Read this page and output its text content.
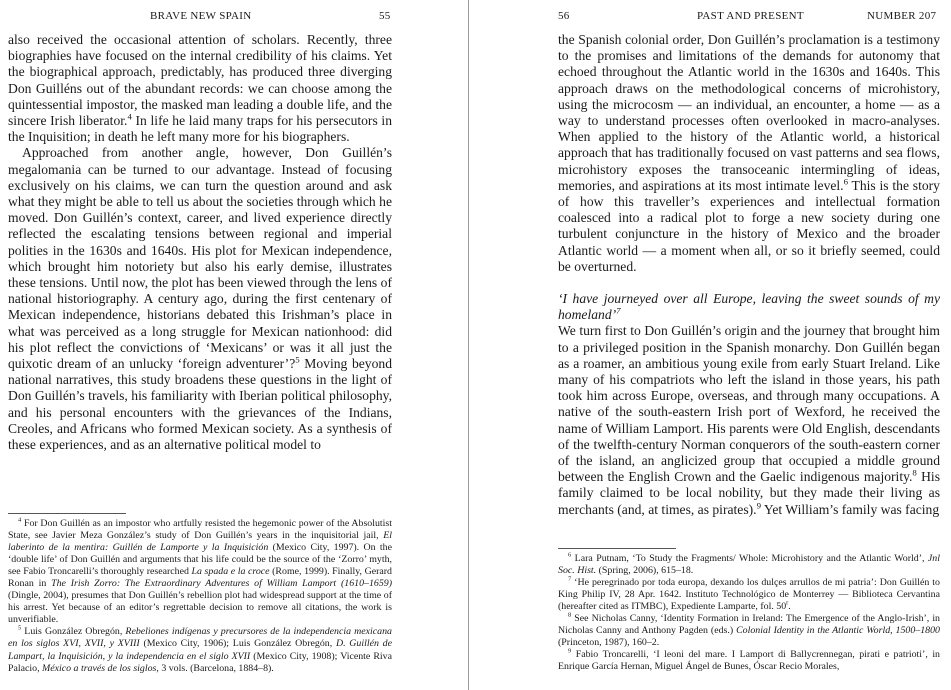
BRAVE NEW SPAIN	55

also received the occasional attention of scholars. Recently, three biographies have focused on the internal credibility of his claims. Yet the biographical approach, predictably, has produced three diverging Don Guilléns out of the abundant records: we can choose among the quintessential impostor, the masked man leading a double life, and the sincere Irish liberator.$^4$ In life he laid many traps for his persecutors in the Inquisition; in death he left many more for his biographers.

Approached from another angle, however, Don Guillén’s megalomania can be turned to our advantage. Instead of focusing exclusively on his claims, we can turn the question around and ask what they might be able to tell us about the societies through which he moved. Don Guillén’s context, career, and lived experience directly reflected the escalating tensions between regional and imperial polities in the 1630s and 1640s. His plot for Mexican independence, which brought him notoriety but also his early demise, illustrates these tensions. Until now, the plot has been viewed through the lens of national historiography. A century ago, during the first centenary of Mexican independence, historians debated this Irishman’s place in what was perceived as a long struggle for Mexican nationhood: did his plot reflect the convictions of ‘Mexicans’ or was it all just the quixotic dream of an unlucky ‘foreign adventurer’?$^5$ Moving beyond national narratives, this study broadens these questions in the light of Don Guillén’s travels, his familiarity with Iberian political philosophy, and his personal encounters with the grievances of the Indians, Creoles, and Africans who formed Mexican society. As a synthesis of these experiences, and as an alternative political model to

$^4$ For Don Guillén as an impostor who artfully resisted the hegemonic power of the Absolutist State, see Javier Meza González’s study of Don Guillén’s years in the inquisitorial jail, El laberinto de la mentira: Guillén de Lamporte y la Inquisición (Mexico City, 1997). On the ‘double life’ of Don Guillén and arguments that his life could be the source of the ‘Zorro’ myth, see Fabio Troncarelli’s thoroughly researched La spada e la croce (Rome, 1999). Finally, Gerard Ronan in The Irish Zorro: The Extraordinary Adventures of William Lamport (1610–1659) (Dingle, 2004), presumes that Don Guillén’s rebellion plot had widespread support at the time of his arrest. Yet because of an editor’s regrettable decision to remove all citations, the work is unverifiable.

$^5$ Luis González Obregón, Rebeliones indígenas y precursores de la independencia mexicana en los siglos XVI, XVII, y XVIII (Mexico City, 1906); Luis González Obregón, D. Guillén de Lampart, la Inquisición, y la independencia en el siglo XVII (Mexico City, 1908); Vicente Riva Palacio, México a través de los siglos, 3 vols. (Barcelona, 1884–8).

56	PAST AND PRESENT	NUMBER 207

the Spanish colonial order, Don Guillén’s proclamation is a testimony to the promises and limitations of the demands for autonomy that echoed throughout the Atlantic world in the 1630s and 1640s. This approach draws on the methodological concerns of microhistory, using the microcosm — an individual, an encounter, a home — as a way to understand processes often overlooked in macro-analyses. When applied to the history of the Atlantic world, a historical approach that has traditionally focused on vast patterns and sea flows, microhistory exposes the transoceanic intermingling of ideas, memories, and aspirations at its most intimate level.$^6$ This is the story of how this traveller’s experiences and intellectual formation coalesced into a radical plot to forge a new society during one turbulent conjuncture in the history of Mexico and the broader Atlantic world — a moment when all, or so it briefly seemed, could be overturned.

‘I have journeyed over all Europe, leaving the sweet sounds of my homeland’$^7$

We turn first to Don Guillén’s origin and the journey that brought him to a privileged position in the Spanish monarchy. Don Guillén began as a roamer, an ambitious young exile from early Stuart Ireland. Like many of his compatriots who left the island in those years, his path took him across Europe, overseas, and through many occupations. A native of the south-eastern Irish port of Wexford, he received the name of William Lamport. His parents were Old English, descendants of the twelfth-century Norman conquerors of the south-eastern corner of the island, an anglicized group that occupied a middle ground between the English Crown and the Gaelic indigenous majority.$^8$ His family claimed to be local nobility, but they made their living as merchants (and, at times, as pirates).$^9$ Yet William’s family was facing

$^6$ Lara Putnam, ‘To Study the Fragments/ Whole: Microhistory and the Atlantic World’, Jnl Soc. Hist. (Spring, 2006), 615–18.

$^7$ ‘He peregrinado por toda europa, dexando los dulçes arrullos de mi patria’: Don Guillén to King Philip IV, 28 Apr. 1642. Instituto Technológico de Monterrey — Biblioteca Cervantina (hereafter cited as ITMBC), Expediente Lamparte, fol. 50$^r$.

$^8$ See Nicholas Canny, ‘Identity Formation in Ireland: The Emergence of the Anglo-Irish’, in Nicholas Canny and Anthony Pagden (eds.) Colonial Identity in the Atlantic World, 1500–1800 (Princeton, 1987), 160–2.

$^9$ Fabio Troncarelli, ‘I leoni del mare. I Lamport di Ballycrennegan, pirati e patrioti’, in Enrique García Hernan, Miguel Ángel de Bunes, Óscar Recio Morales,
